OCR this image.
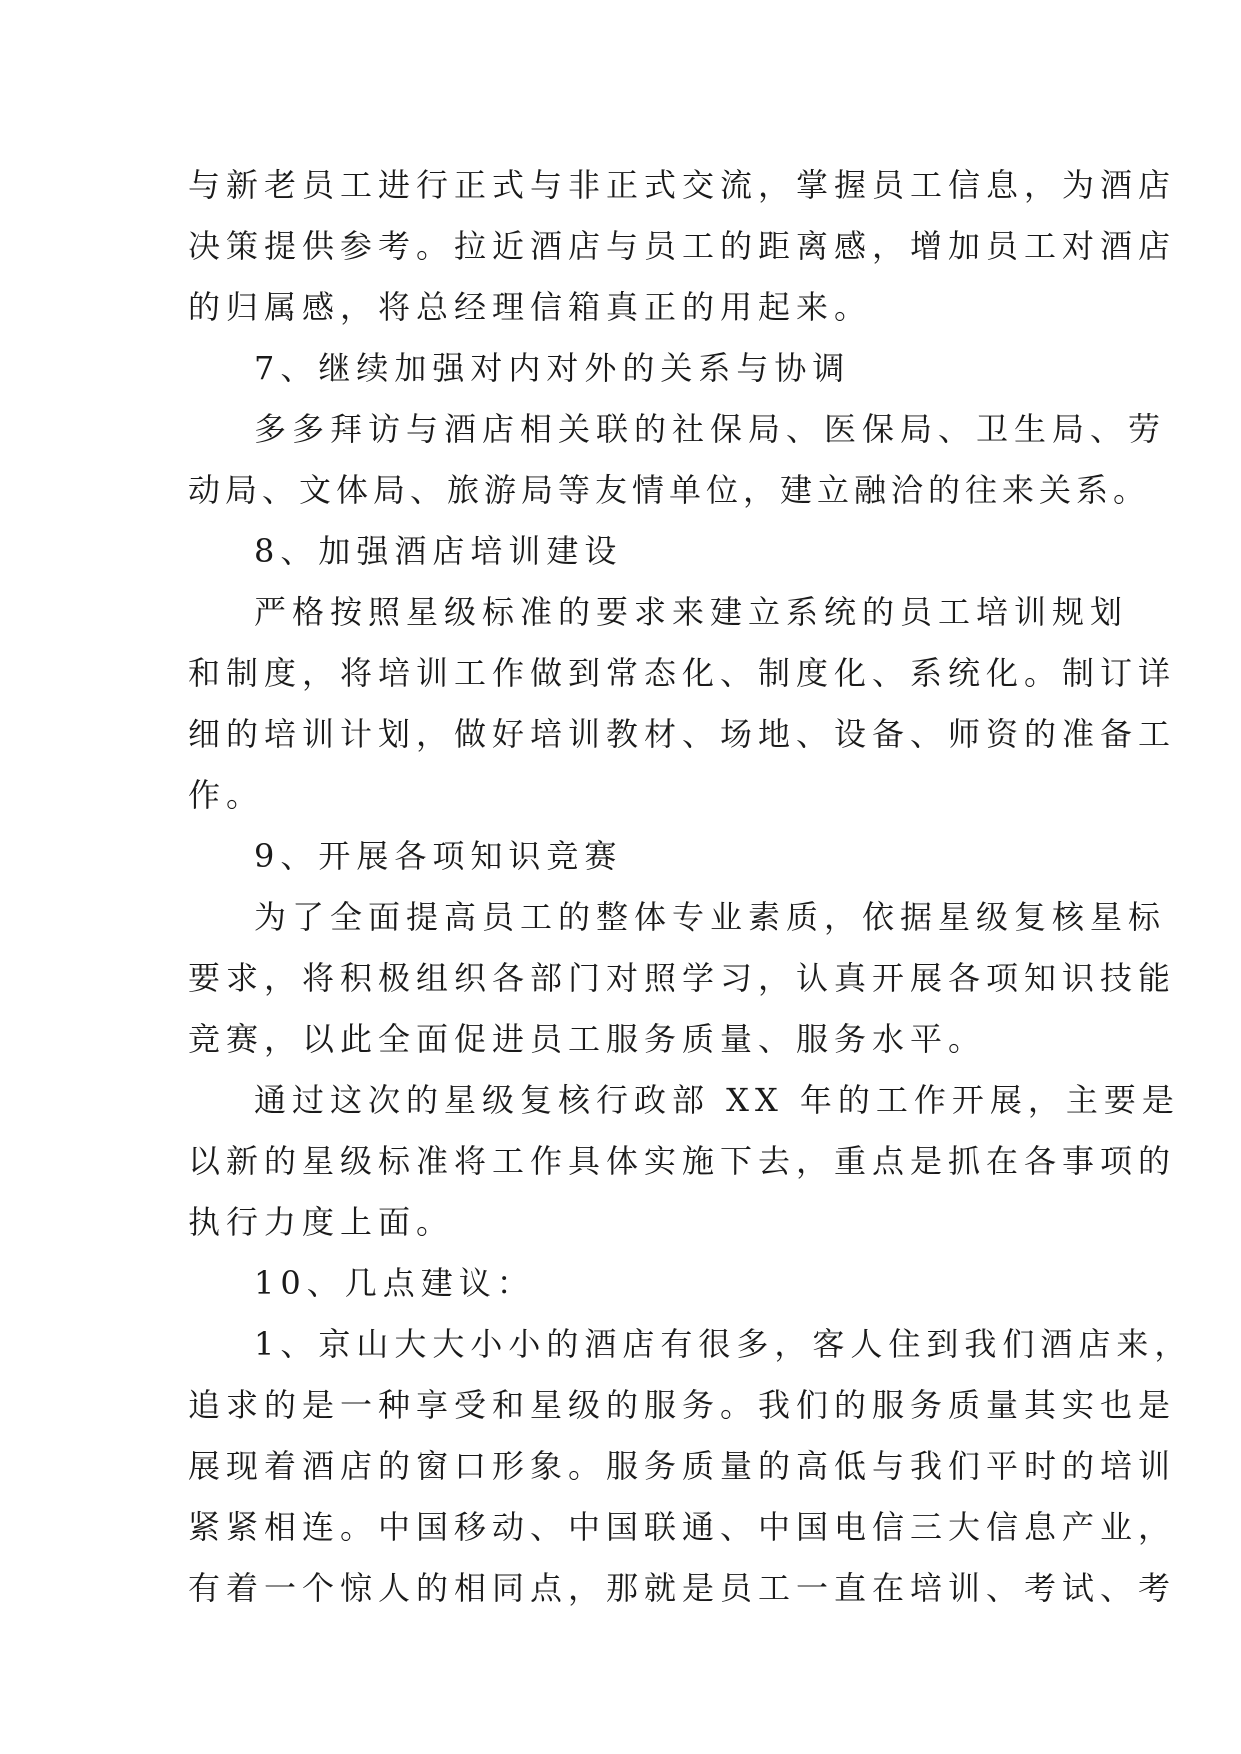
与新老员工进行正式与非正式交流，掌握员工信息，为酒店
决策提供参考。拉近酒店与员工的距离感，增加员工对酒店
的归属感，将总经理信箱真正的用起来。
7、继续加强对内对外的关系与协调
多多拜访与酒店相关联的社保局、医保局、卫生局、劳
动局、文体局、旅游局等友情单位，建立融洽的往来关系。
8、加强酒店培训建设
严格按照星级标准的要求来建立系统的员工培训规划
和制度，将培训工作做到常态化、制度化、系统化。制订详
细的培训计划，做好培训教材、场地、设备、师资的准备工
作。
9、开展各项知识竞赛
为了全面提高员工的整体专业素质，依据星级复核星标
要求，将积极组织各部门对照学习，认真开展各项知识技能
竞赛，以此全面促进员工服务质量、服务水平。
通过这次的星级复核行政部 XX 年的工作开展，主要是
以新的星级标准将工作具体实施下去，重点是抓在各事项的
执行力度上面。
10、几点建议：
1、京山大大小小的酒店有很多，客人住到我们酒店来，
追求的是一种享受和星级的服务。我们的服务质量其实也是
展现着酒店的窗口形象。服务质量的高低与我们平时的培训
紧紧相连。中国移动、中国联通、中国电信三大信息产业，
有着一个惊人的相同点，那就是员工一直在培训、考试、考
